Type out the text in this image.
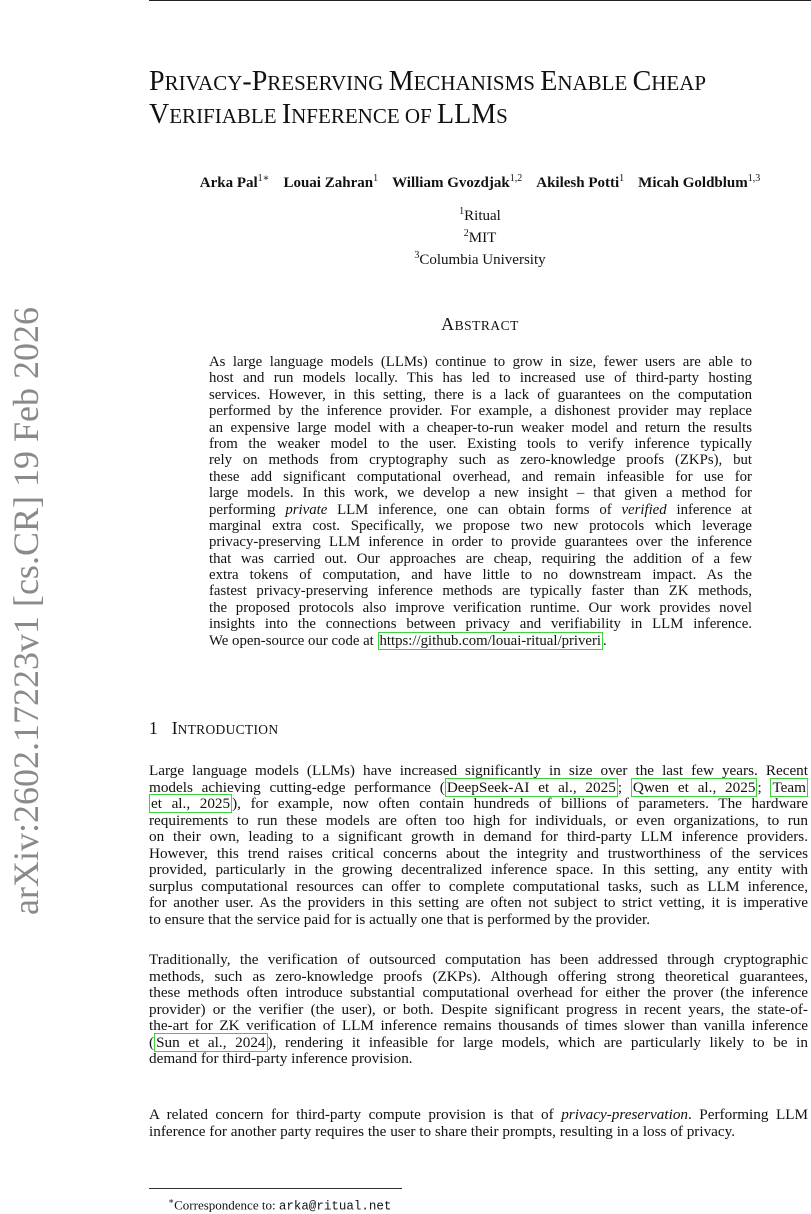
arXiv:2602.17223v1 [cs.CR] 19 Feb 2026
PRIVACY-PRESERVING MECHANISMS ENABLE CHEAP
VERIFIABLE INFERENCE OF LLMS
Arka Pal$^{1∗}$ Louai Zahran$^1$ William Gvozdjak$^{1,2}$ Akilesh Potti$^1$ Micah Goldblum$^{1,3}$
$^1$Ritual
$^2$MIT
$^3$Columbia University
ABSTRACT
As large language models (LLMs) continue to grow in size, fewer users are able to
host and run models locally. This has led to increased use of third-party hosting
services. However, in this setting, there is a lack of guarantees on the computation
performed by the inference provider. For example, a dishonest provider may replace
an expensive large model with a cheaper-to-run weaker model and return the results
from the weaker model to the user. Existing tools to verify inference typically
rely on methods from cryptography such as zero-knowledge proofs (ZKPs), but
these add significant computational overhead, and remain infeasible for use for
large models. In this work, we develop a new insight – that given a method for
performing private LLM inference, one can obtain forms of verified inference at
marginal extra cost. Specifically, we propose two new protocols which leverage
privacy-preserving LLM inference in order to provide guarantees over the inference
that was carried out. Our approaches are cheap, requiring the addition of a few
extra tokens of computation, and have little to no downstream impact. As the
fastest privacy-preserving inference methods are typically faster than ZK methods,
the proposed protocols also improve verification runtime. Our work provides novel
insights into the connections between privacy and verifiability in LLM inference.
We open-source our code at https://github.com/louai-ritual/priveri .
1 INTRODUCTION
Large language models (LLMs) have increased significantly in size over the last few years. Recent
models achieving cutting-edge performance ( DeepSeek-AI et al., 2025 ; Qwen et al., 2025 ; Team
et al., 2025 ), for example, now often contain hundreds of billions of parameters. The hardware
requirements to run these models are often too high for individuals, or even organizations, to run
on their own, leading to a significant growth in demand for third-party LLM inference providers.
However, this trend raises critical concerns about the integrity and trustworthiness of the services
provided, particularly in the growing decentralized inference space. In this setting, any entity with
surplus computational resources can offer to complete computational tasks, such as LLM inference,
for another user. As the providers in this setting are often not subject to strict vetting, it is imperative
to ensure that the service paid for is actually one that is performed by the provider.
Traditionally, the verification of outsourced computation has been addressed through cryptographic
methods, such as zero-knowledge proofs (ZKPs). Although offering strong theoretical guarantees,
these methods often introduce substantial computational overhead for either the prover (the inference
provider) or the verifier (the user), or both. Despite significant progress in recent years, the state-of-
the-art for ZK verification of LLM inference remains thousands of times slower than vanilla inference
( Sun et al., 2024 ), rendering it infeasible for large models, which are particularly likely to be in
demand for third-party inference provision.
A related concern for third-party compute provision is that of privacy-preservation. Performing LLM
inference for another party requires the user to share their prompts, resulting in a loss of privacy.
∗Correspondence to: arka@ritual.net
